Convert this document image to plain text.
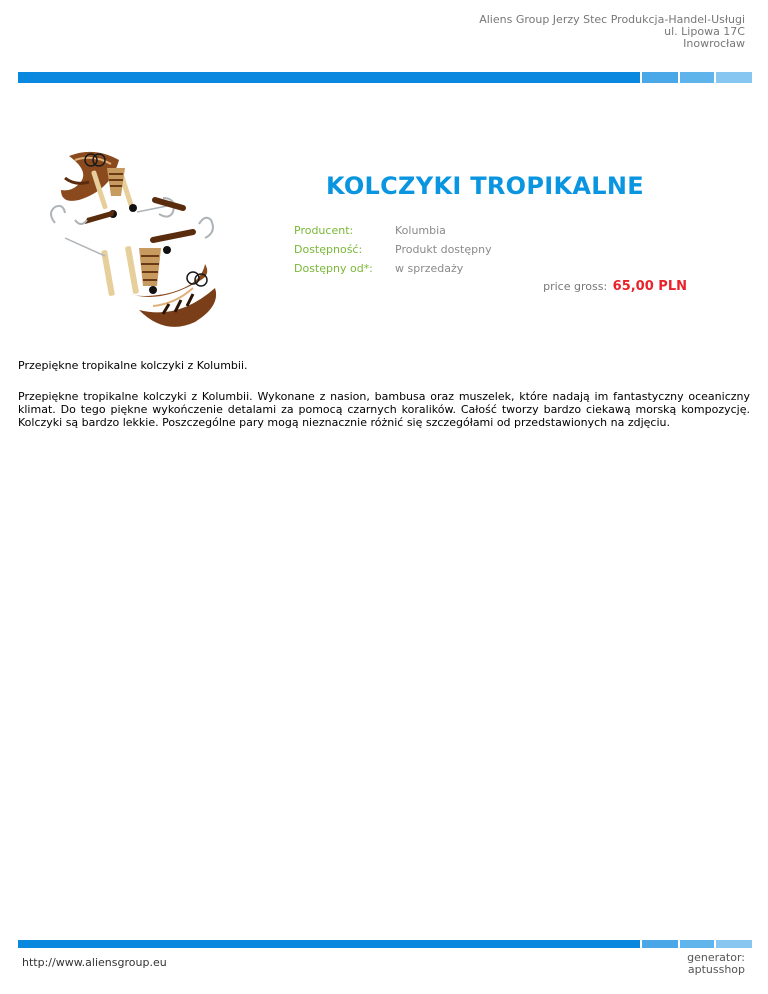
Aliens Group Jerzy Stec Produkcja-Handel-Usługi
ul. Lipowa 17C
Inowrocław
KOLCZYKI TROPIKALNE
Producent:	Kolumbia
Dostępność:	Produkt dostępny
Dostępny od*:	w sprzedaży
price gross: 65,00 PLN

Przepiękne tropikalne kolczyki z Kolumbii.

Przepiękne tropikalne kolczyki z Kolumbii. Wykonane z nasion, bambusa oraz muszelek, które nadają im fantastyczny oceaniczny klimat. Do tego piękne wykończenie detalami za pomocą czarnych koralików. Całość tworzy bardzo ciekawą morską kompozycję. Kolczyki są bardzo lekkie. Poszczególne pary mogą nieznacznie różnić się szczegółami od przedstawionych na zdjęciu.

http://www.aliensgroup.eu	generator:
aptusshop
